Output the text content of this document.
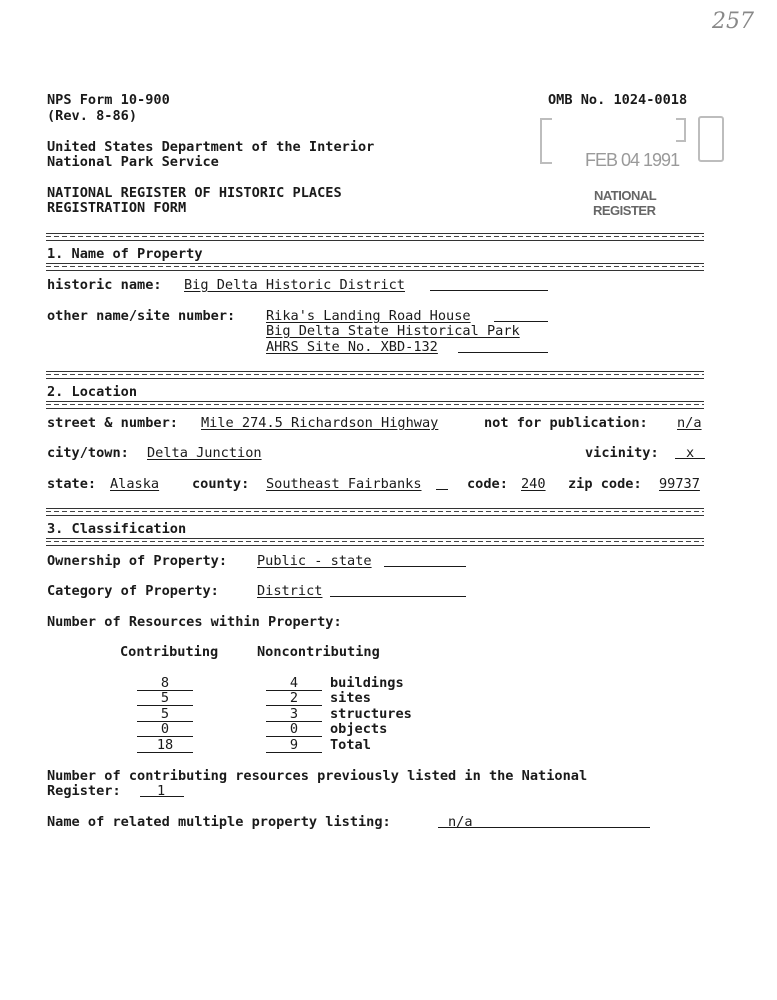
257
NPS Form 10-900
(Rev. 8-86)
OMB No. 1024-0018
United States Department of the Interior
National Park Service
NATIONAL REGISTER OF HISTORIC PLACES
REGISTRATION FORM
FEB 04 1991
NATIONAL
REGISTER
1. Name of Property
historic name: Big Delta Historic District
other name/site number: Rika's Landing Road House
Big Delta State Historical Park
AHRS Site No. XBD-132
2. Location
street & number: Mile 274.5 Richardson Highway	not for publication: n/a
city/town: Delta Junction	vicinity: x
state: Alaska county: Southeast Fairbanks	code: 240 zip code: 99737
3. Classification
Ownership of Property: Public - state
Category of Property:	District
Number of Resources within Property:
Contributing	Noncontributing
8	4	buildings
5	2	sites
5	3	structures
0	0	objects
18	9	Total
Number of contributing resources previously listed in the National
Register:	1
Name of related multiple property listing:	n/a
